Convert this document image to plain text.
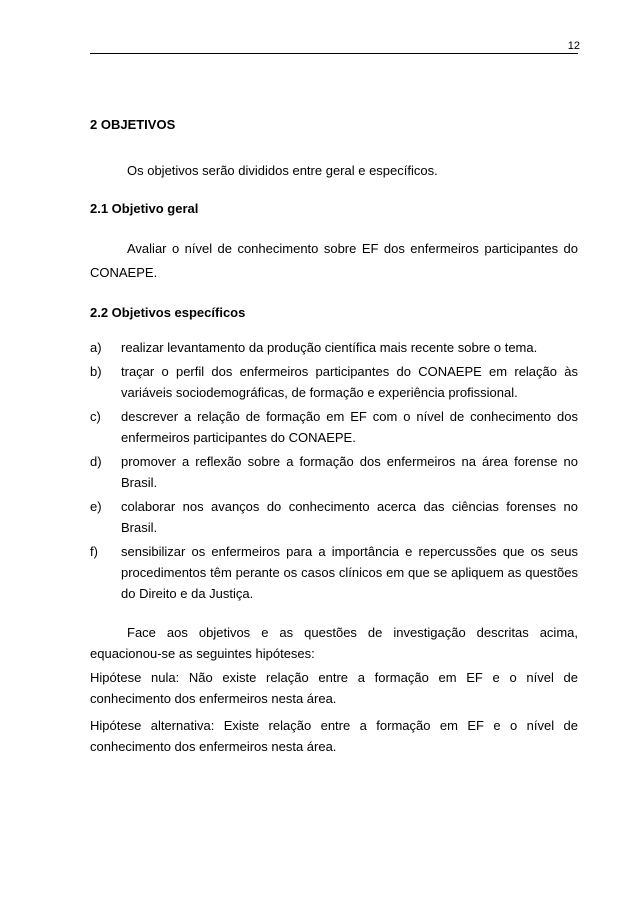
12
2 OBJETIVOS

Os objetivos serão divididos entre geral e específicos.

2.1 Objetivo geral

Avaliar o nível de conhecimento sobre EF dos enfermeiros participantes do CONAEPE.

2.2 Objetivos específicos
a) realizar levantamento da produção científica mais recente sobre o tema.
b) traçar o perfil dos enfermeiros participantes do CONAEPE em relação às variáveis sociodemográficas, de formação e experiência profissional.
c) descrever a relação de formação em EF com o nível de conhecimento dos enfermeiros participantes do CONAEPE.
d) promover a reflexão sobre a formação dos enfermeiros na área forense no Brasil.
e) colaborar nos avanços do conhecimento acerca das ciências forenses no Brasil.
f) sensibilizar os enfermeiros para a importância e repercussões que os seus procedimentos têm perante os casos clínicos em que se apliquem as questões do Direito e da Justiça.

Face aos objetivos e as questões de investigação descritas acima, equacionou-se as seguintes hipóteses:

Hipótese nula: Não existe relação entre a formação em EF e o nível de conhecimento dos enfermeiros nesta área.

Hipótese alternativa: Existe relação entre a formação em EF e o nível de conhecimento dos enfermeiros nesta área.
